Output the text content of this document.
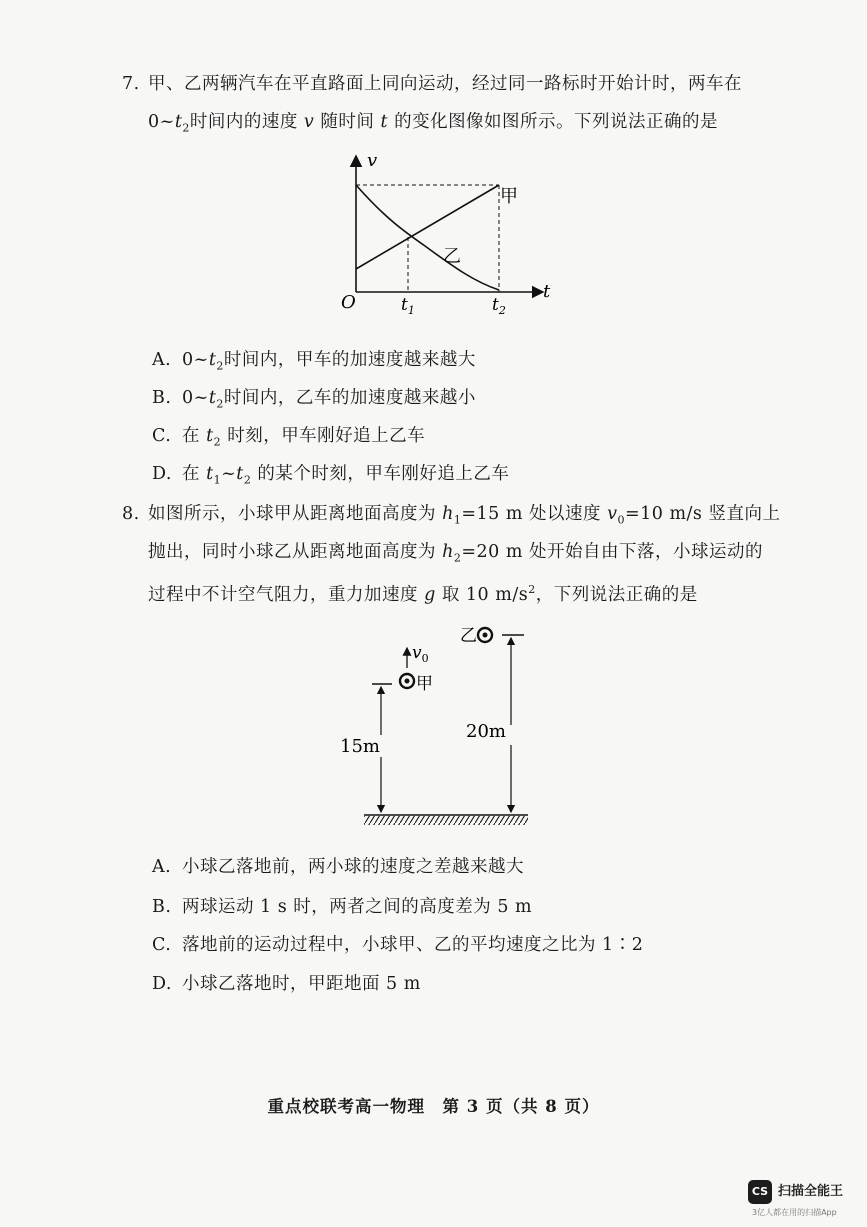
7. 甲、乙两辆汽车在平直路面上同向运动，经过同一路标时开始计时，两车在
$0\sim t_2$时间内的速度 v 随时间 t 的变化图像如图所示。下列说法正确的是
v
t
O	$t_1$	$t_2$
甲
乙
A. $0\sim t_2$时间内，甲车的加速度越来越大
B. $0\sim t_2$时间内，乙车的加速度越来越小
C. 在 $t_2$ 时刻，甲车刚好追上乙车
D. 在 $t_1\sim t_2$ 的某个时刻，甲车刚好追上乙车
8. 如图所示，小球甲从距离地面高度为 $h_1=15$ m 处以速度 $v_0=10$ m/s 竖直向上
抛出，同时小球乙从距离地面高度为 $h_2=20$ m 处开始自由下落，小球运动的
过程中不计空气阻力，重力加速度 g 取 10 $m/s^2$，下列说法正确的是
20m
15m
乙
甲
$v_0$
A. 小球乙落地前，两小球的速度之差越来越大
B. 两球运动 1 s 时，两者之间的高度差为 5 m
C. 落地前的运动过程中，小球甲、乙的平均速度之比为 1∶2
D. 小球乙落地时，甲距地面 5 m
重点校联考高一物理　第 3 页（共 8 页）
CS 扫描全能王
3亿人都在用的扫描App
